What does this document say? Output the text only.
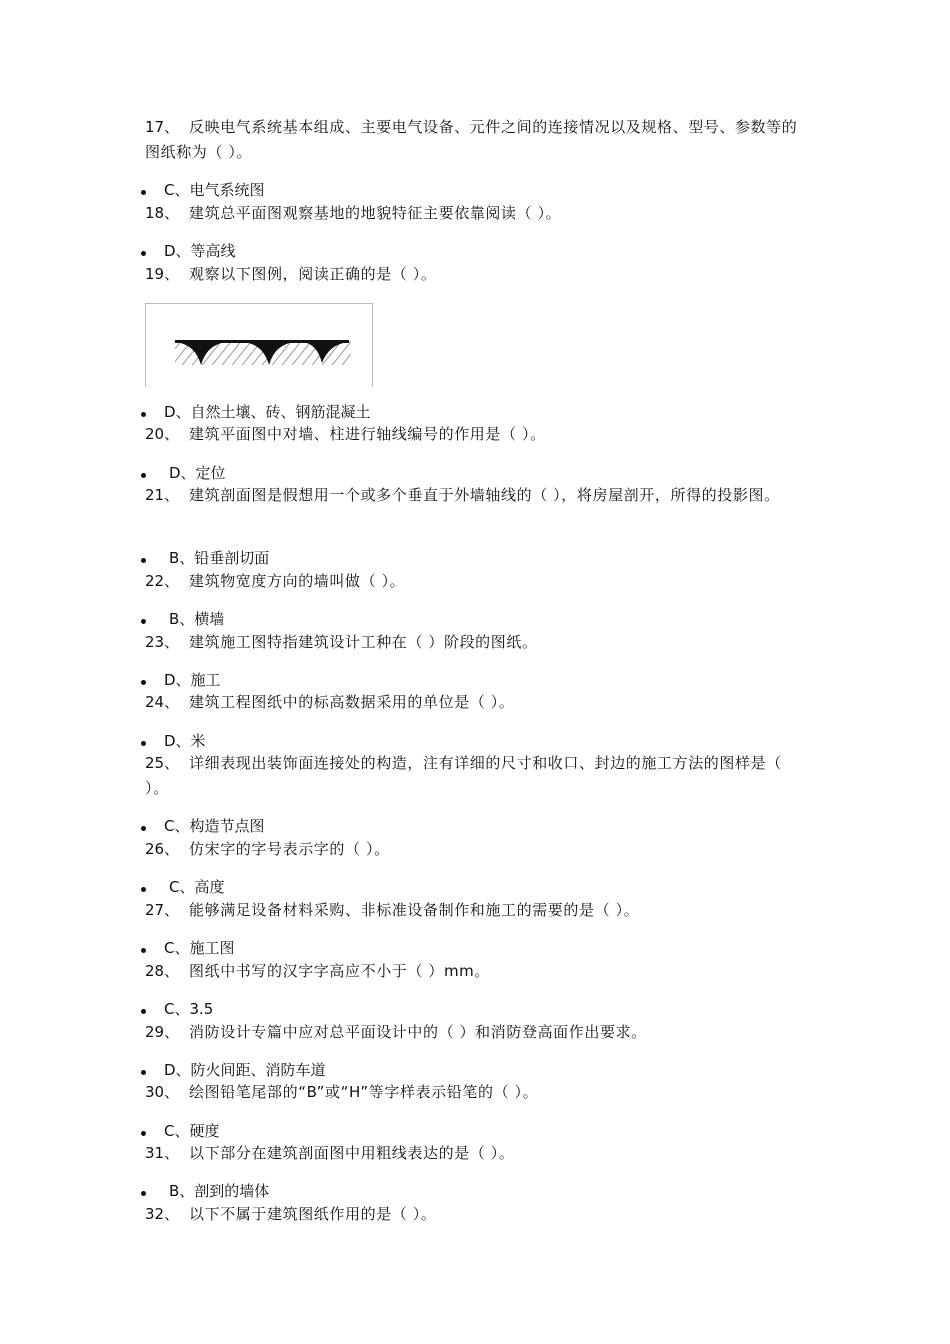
17、 反映电气系统基本组成、主要电气设备、元件之间的连接情况以及规格、型号、参数等的图纸称为（ ）。
C、电气系统图
18、 建筑总平面图观察基地的地貌特征主要依靠阅读（ ）。
D、等高线
19、 观察以下图例，阅读正确的是（ ）。
D、自然土壤、砖、钢筋混凝土
20、 建筑平面图中对墙、柱进行轴线编号的作用是（ ）。
D、定位
21、 建筑剖面图是假想用一个或多个垂直于外墙轴线的（ ），将房屋剖开，所得的投影图。
B、铅垂剖切面
22、 建筑物宽度方向的墙叫做（ ）。
B、横墙
23、 建筑施工图特指建筑设计工种在（ ）阶段的图纸。
D、施工
24、 建筑工程图纸中的标高数据采用的单位是（ ）。
D、米
25、 详细表现出装饰面连接处的构造，注有详细的尺寸和收口、封边的施工方法的图样是（ ）。
C、构造节点图
26、 仿宋字的字号表示字的（ ）。
C、高度
27、 能够满足设备材料采购、非标准设备制作和施工的需要的是（ ）。
C、施工图
28、 图纸中书写的汉字字高应不小于（ ）mm。
C、3.5
29、 消防设计专篇中应对总平面设计中的（ ）和消防登高面作出要求。
D、防火间距、消防车道
30、 绘图铅笔尾部的“B”或“H”等字样表示铅笔的（ ）。
C、硬度
31、 以下部分在建筑剖面图中用粗线表达的是（ ）。
B、剖到的墙体
32、 以下不属于建筑图纸作用的是（ ）。
